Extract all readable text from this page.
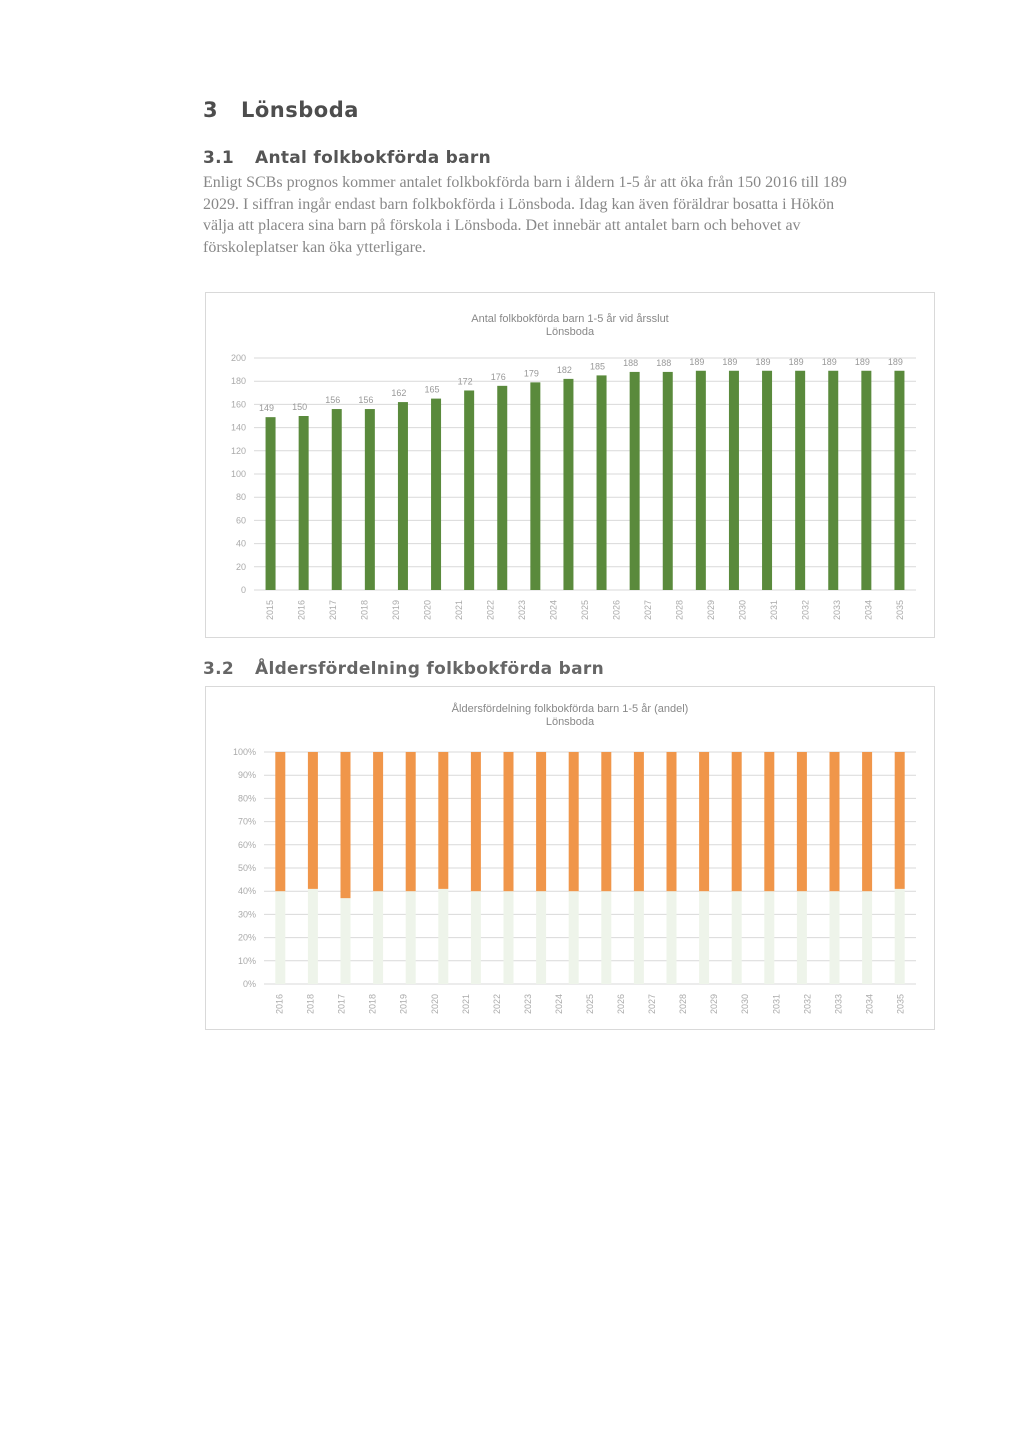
3 Lönsboda
3.1 Antal folkbokförda barn

Enligt SCBs prognos kommer antalet folkbokförda barn i åldern 1-5 år att öka från 150 2016 till 189 2029. I siffran ingår endast barn folkbokförda i Lönsboda. Idag kan även föräldrar bosatta i Hökön välja att placera sina barn på förskola i Lönsboda. Det innebär att antalet barn och behovet av förskoleplatser kan öka ytterligare.

0
20
40
60
80
100
120
140
160
180
200
2015 2016 2017 2018 2019 2020 2021 2022 2023 2024 2025 2026 2027 2028 2029 2030 2031 2032 2033 2034 2035
149 150
156 156
162 165
172 176 179 182 185 188 188 189 189 189 189 189 189 189
Antal folkbokförda barn 1-5 år vid årsslut
Lönsboda
3.2 Åldersfördelning folkbokförda barn
0%
10%
20%
30%
40%
50%
60%
70%
80%
90%
100%
2016 2018 2017 2018 2019 2020 2021 2022 2023 2024 2025 2026 2027 2028 2029 2030 2031 2032 2033 2034 2035
Åldersfördelning folkbokförda barn 1-5 år (andel)
Lönsboda
